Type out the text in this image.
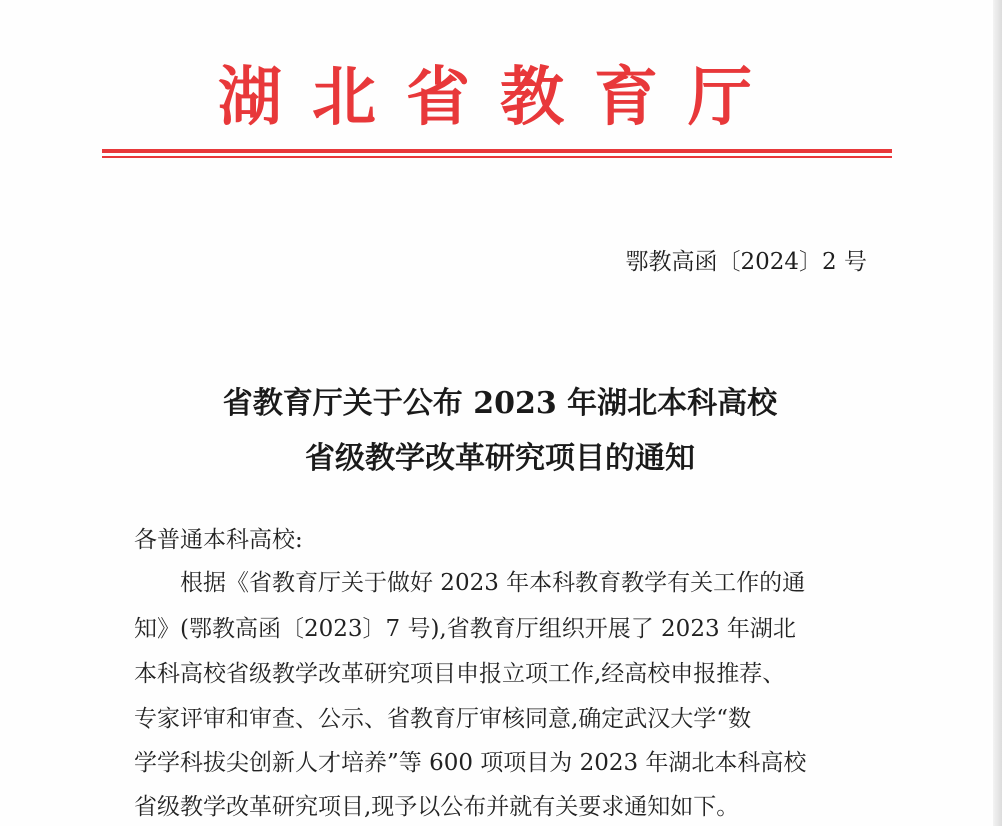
湖北省教育厅
鄂教高函〔2024〕2 号
省教育厅关于公布 2023 年湖北本科高校
省级教学改革研究项目的通知
各普通本科高校:
根据《省教育厅关于做好 2023 年本科教育教学有关工作的通
知》(鄂教高函〔2023〕7 号),省教育厅组织开展了 2023 年湖北
本科高校省级教学改革研究项目申报立项工作,经高校申报推荐、
专家评审和审查、公示、省教育厅审核同意,确定武汉大学“数
学学科拔尖创新人才培养”等 600 项项目为 2023 年湖北本科高校
省级教学改革研究项目,现予以公布并就有关要求通知如下。
